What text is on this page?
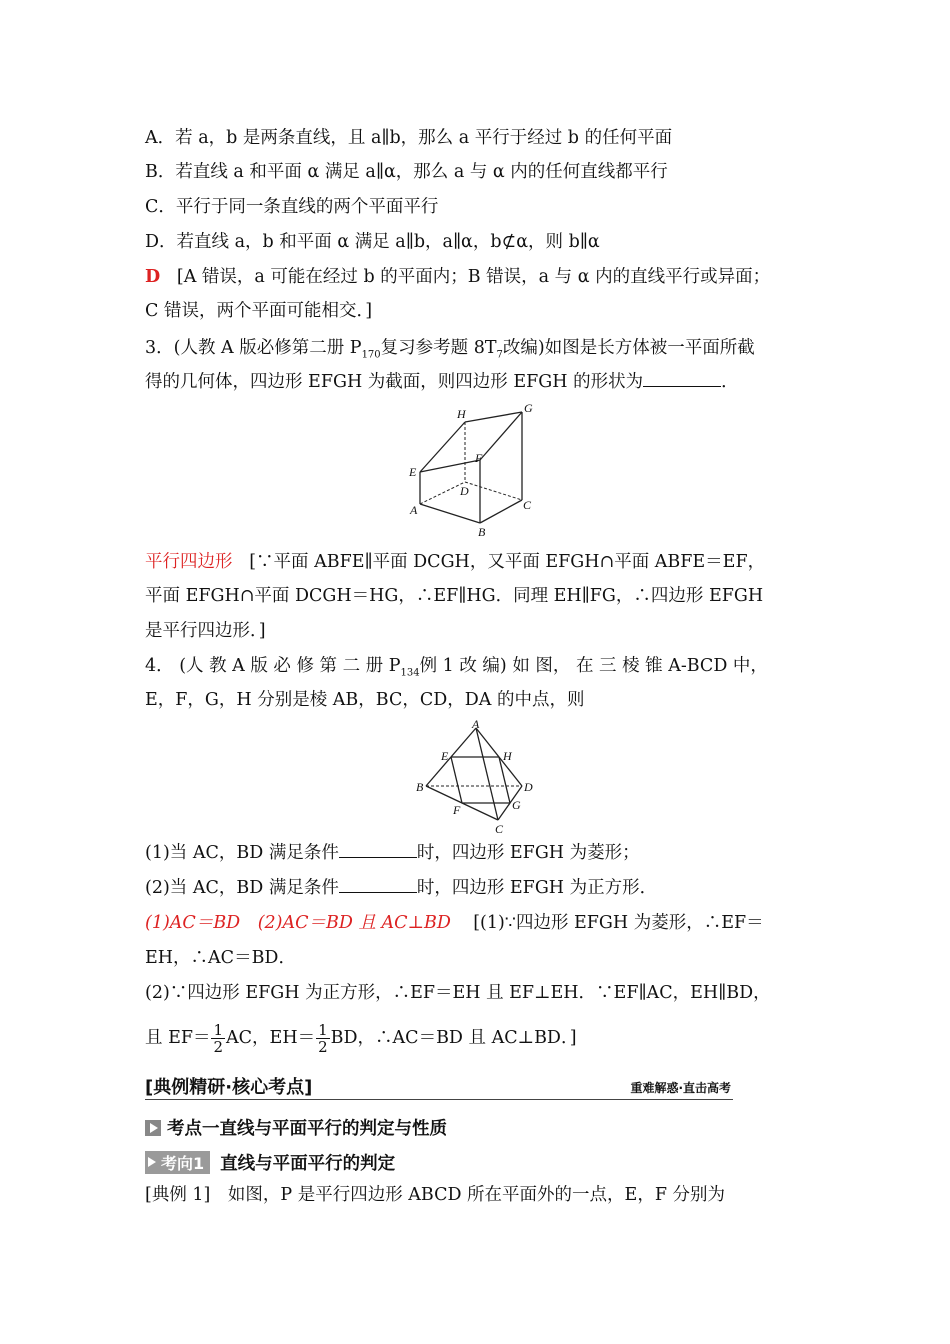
A．若 a，b 是两条直线，且 a∥b，那么 a 平行于经过 b 的任何平面
B．若直线 a 和平面 α 满足 a∥α，那么 a 与 α 内的任何直线都平行
C．平行于同一条直线的两个平面平行
D．若直线 a，b 和平面 α 满足 a∥b，a∥α，b⊄α，则 b∥α
D [A 错误，a 可能在经过 b 的平面内；B 错误，a 与 α 内的直线平行或异面；
C 错误，两个平面可能相交．]
3．(人教 A 版必修第二册 $P_{170}$复习参考题 $8T_7$改编)如图是长方体被一平面所截
得的几何体，四边形 EFGH 为截面，则四边形 EFGH 的形状为	．
H	G
E
F
D
A	C
B
平行四边形 [∵平面 ABFE∥平面 DCGH，又平面 EFGH∩平面 ABFE＝EF，
平面 EFGH∩平面 DCGH＝HG，∴EF∥HG．同理 EH∥FG，∴四边形 EFGH
是平行四边形．]
4． (人 教 A 版 必 修 第 二 册 $P_{134}$例 1 改 编) 如 图， 在 三 棱 锥 A-BCD 中，
E，F，G，H 分别是棱 AB，BC，CD，DA 的中点，则
A
E	H
B	D
F	G
C
(1)当 AC，BD 满足条件	时，四边形 EFGH 为菱形；
(2)当 AC，BD 满足条件	时，四边形 EFGH 为正方形．
(1)AC＝BD　(2)AC＝BD 且 AC⊥BD [(1)∵四边形 EFGH 为菱形，∴EF＝
EH，∴AC＝BD．
(2)∵四边形 EFGH 为正方形，∴EF＝EH 且 EF⊥EH．∵EF∥AC，EH∥BD，
且 $EF= \frac{1}{2}$ AC，$EH= \frac{1}{2}$ BD，∴AC＝BD 且 AC⊥BD．]
[典例精研·核心考点]	重难解惑·直击高考
考点一直线与平面平行的判定与性质
考向1 直线与平面平行的判定
[典例 1]　如图，P 是平行四边形 ABCD 所在平面外的一点，E，F 分别为
